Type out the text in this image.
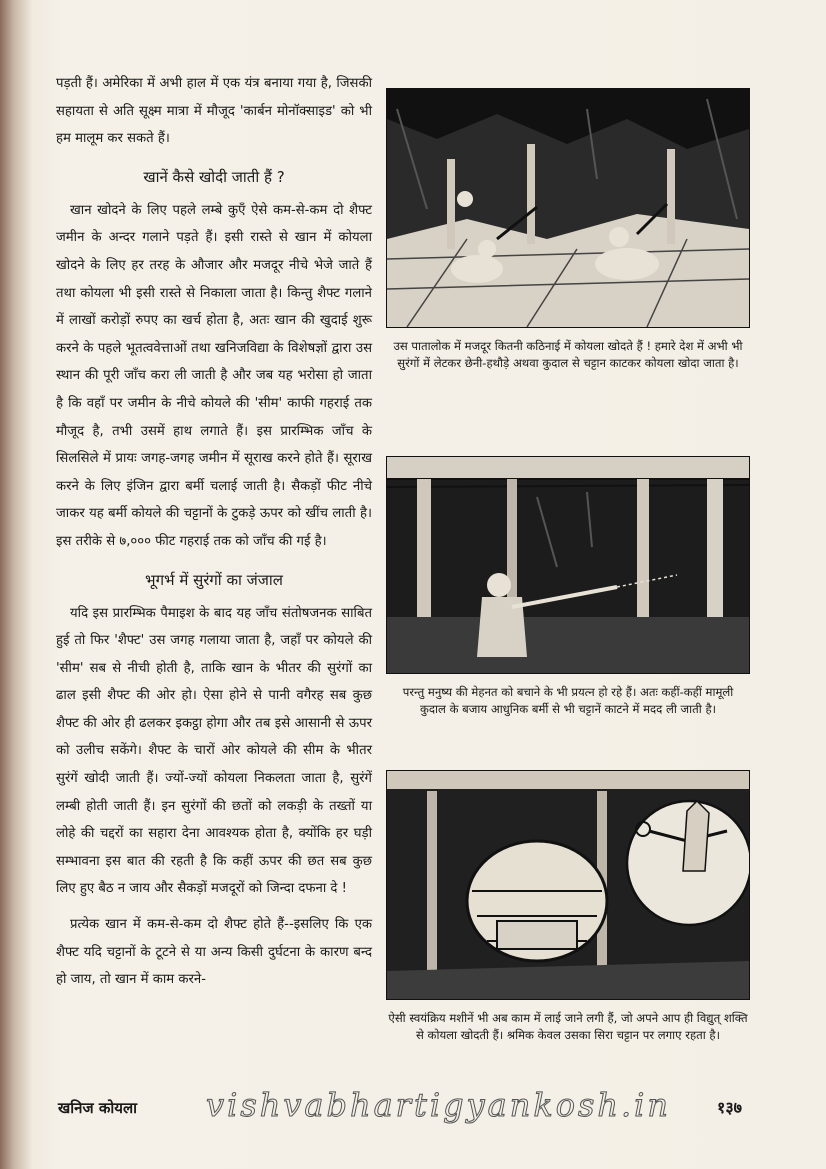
पड़ती हैं। अमेरिका में अभी हाल में एक यंत्र बनाया गया है, जिसकी सहायता से अति सूक्ष्म मात्रा में मौजूद 'कार्बन मोनॉक्साइड' को भी हम मालूम कर सकते हैं।

खानें कैसे खोदी जाती हैं ?

खान खोदने के लिए पहले लम्बे कुएँ ऐसे कम-से-कम दो शैफ्ट जमीन के अन्दर गलाने पड़ते हैं। इसी रास्ते से खान में कोयला खोदने के लिए हर तरह के औजार और मजदूर नीचे भेजे जाते हैं तथा कोयला भी इसी रास्ते से निकाला जाता है। किन्तु शैफ्ट गलाने में लाखों करोड़ों रुपए का खर्च होता है, अतः खान की खुदाई शुरू करने के पहले भूतत्ववेत्ताओं तथा खनिजविद्या के विशेषज्ञों द्वारा उस स्थान की पूरी जाँच करा ली जाती है और जब यह भरोसा हो जाता है कि वहाँ पर जमीन के नीचे कोयले की 'सीम' काफी गहराई तक मौजूद है, तभी उसमें हाथ लगाते हैं। इस प्रारम्भिक जाँच के सिलसिले में प्रायः जगह-जगह जमीन में सूराख करने होते हैं। सूराख करने के लिए इंजिन द्वारा बर्मी चलाई जाती है। सैकड़ों फीट नीचे जाकर यह बर्मी कोयले की चट्टानों के टुकड़े ऊपर को खींच लाती है। इस तरीके से ७,००० फीट गहराई तक को जाँच की गई है।

भूगर्भ में सुरंगों का जंजाल

यदि इस प्रारम्भिक पैमाइश के बाद यह जाँच संतोषजनक साबित हुई तो फिर 'शैफ्ट' उस जगह गलाया जाता है, जहाँ पर कोयले की 'सीम' सब से नीची होती है, ताकि खान के भीतर की सुरंगों का ढाल इसी शैफ्ट की ओर हो। ऐसा होने से पानी वगैरह सब कुछ शैफ्ट की ओर ही ढलकर इकट्ठा होगा और तब इसे आसानी से ऊपर को उलीच सकेंगे। शैफ्ट के चारों ओर कोयले की सीम के भीतर सुरंगें खोदी जाती हैं। ज्यों-ज्यों कोयला निकलता जाता है, सुरंगें लम्बी होती जाती हैं। इन सुरंगों की छतों को लकड़ी के तख्तों या लोहे की चद्दरों का सहारा देना आवश्यक होता है, क्योंकि हर घड़ी सम्भावना इस बात की रहती है कि कहीं ऊपर की छत सब कुछ लिए हुए बैठ न जाय और सैकड़ों मजदूरों को जिन्दा दफना दे !

प्रत्येक खान में कम-से-कम दो शैफ्ट होते हैं--इसलिए कि एक शैफ्ट यदि चट्टानों के टूटने से या अन्य किसी दुर्घटना के कारण बन्द हो जाय, तो खान में काम करने-

उस पातालोक में मजदूर कितनी कठिनाई में कोयला खोदते हैं ! हमारे देश में अभी भी सुरंगों में लेटकर छेनी-हथौड़े अथवा कुदाल से चट्टान काटकर कोयला खोदा जाता है।
परन्तु मनुष्य की मेहनत को बचाने के भी प्रयत्न हो रहे हैं। अतः कहीं-कहीं मामूली कुदाल के बजाय आधुनिक बर्मी से भी चट्टानें काटने में मदद ली जाती है।
ऐसी स्वयंक्रिय मशीनें भी अब काम में लाई जाने लगी हैं, जो अपने आप ही विद्युत् शक्ति से कोयला खोदती हैं। श्रमिक केवल उसका सिरा चट्टान पर लगाए रहता है।
खनिज कोयला vishvabhartigyankosh.in	१३७
